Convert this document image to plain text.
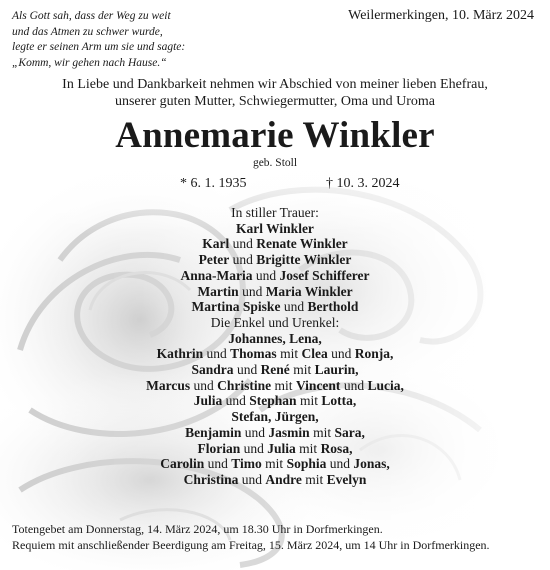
Als Gott sah, dass der Weg zu weit
und das Atmen zu schwer wurde,
legte er seinen Arm um sie und sagte:
„Komm, wir gehen nach Hause.“
Weilermerkingen, 10. März 2024
In Liebe und Dankbarkeit nehmen wir Abschied von meiner lieben Ehefrau,
unserer guten Mutter, Schwiegermutter, Oma und Uroma
Annemarie Winkler
geb. Stoll
* 6. 1. 1935	† 10. 3. 2024
In stiller Trauer:
Karl Winkler
Karl und Renate Winkler
Peter und Brigitte Winkler
Anna-Maria und Josef Schifferer
Martin und Maria Winkler
Martina Spiske und Berthold
Die Enkel und Urenkel:
Johannes, Lena,
Kathrin und Thomas mit Clea und Ronja,
Sandra und René mit Laurin,
Marcus und Christine mit Vincent und Lucia,
Julia und Stephan mit Lotta,
Stefan, Jürgen,
Benjamin und Jasmin mit Sara,
Florian und Julia mit Rosa,
Carolin und Timo mit Sophia und Jonas,
Christina und Andre mit Evelyn
Totengebet am Donnerstag, 14. März 2024, um 18.30 Uhr in Dorfmerkingen.
Requiem mit anschließender Beerdigung am Freitag, 15. März 2024, um 14 Uhr in Dorfmerkingen.
